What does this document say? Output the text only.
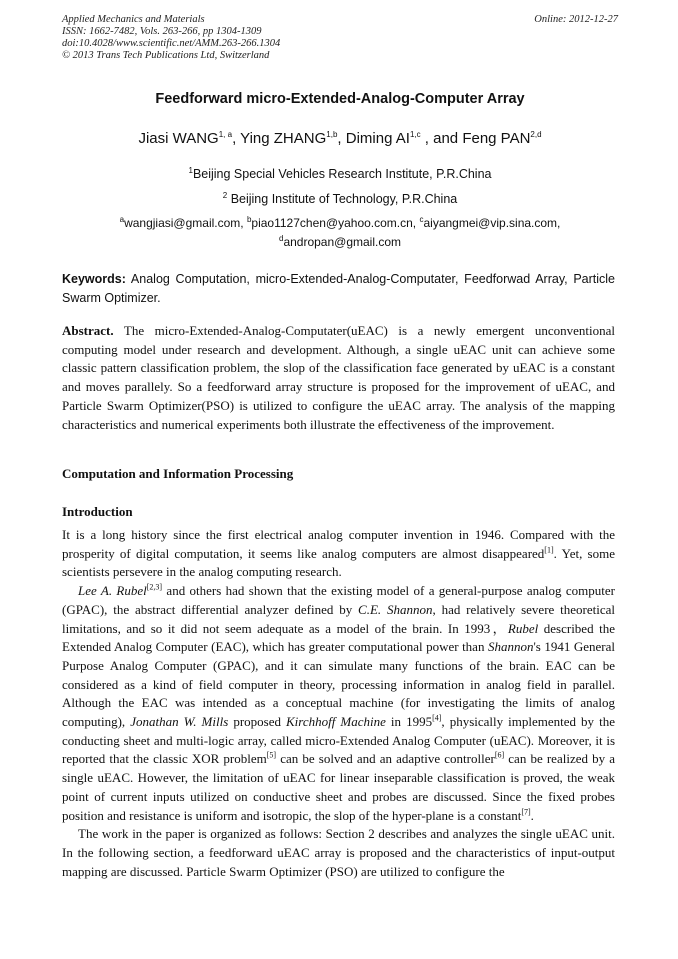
Applied Mechanics and Materials
ISSN: 1662-7482, Vols. 263-266, pp 1304-1309
doi:10.4028/www.scientific.net/AMM.263-266.1304
© 2013 Trans Tech Publications Ltd, Switzerland
Online: 2012-12-27
Feedforward micro-Extended-Analog-Computer Array
Jiasi WANG$^{1, a}$, Ying ZHANG$^{1,b}$, Diming AI$^{1,c}$ , and Feng PAN$^{2,d}$
$^1$Beijing Special Vehicles Research Institute, P.R.China
$^2$ Beijing Institute of Technology, P.R.China
$^a$wangjiasi@gmail.com, $^b$piao1127chen@yahoo.com.cn, $^c$aiyangmei@vip.sina.com,
$^d$andropan@gmail.com
Keywords: Analog Computation, micro-Extended-Analog-Computater, Feedforwad Array, Particle Swarm Optimizer.
Abstract. The micro-Extended-Analog-Computater(uEAC) is a newly emergent unconventional computing model under research and development. Although, a single uEAC unit can achieve some classic pattern classification problem, the slop of the classification face generated by uEAC is a constant and moves parallely. So a feedforward array structure is proposed for the improvement of uEAC, and Particle Swarm Optimizer(PSO) is utilized to configure the uEAC array. The analysis of the mapping characteristics and numerical experiments both illustrate the effectiveness of the improvement.
Computation and Information Processing
Introduction

It is a long history since the first electrical analog computer invention in 1946. Compared with the prosperity of digital computation, it seems like analog computers are almost disappeared[1]. Yet, some scientists persevere in the analog computing research.

Lee A. Rubel[2,3] and others had shown that the existing model of a general-purpose analog computer (GPAC), the abstract differential analyzer defined by C.E. Shannon, had relatively severe theoretical limitations, and so it did not seem adequate as a model of the brain. In 1993，Rubel described the Extended Analog Computer (EAC), which has greater computational power than Shannon's 1941 General Purpose Analog Computer (GPAC), and it can simulate many functions of the brain. EAC can be considered as a kind of field computer in theory, processing information in analog field in parallel. Although the EAC was intended as a conceptual machine (for investigating the limits of analog computing), Jonathan W. Mills proposed Kirchhoff Machine in 1995[4], physically implemented by the conducting sheet and multi-logic array, called micro-Extended Analog Computer (uEAC). Moreover, it is reported that the classic XOR problem[5] can be solved and an adaptive controller[6] can be realized by a single uEAC. However, the limitation of uEAC for linear inseparable classification is proved, the weak point of current inputs utilized on conductive sheet and probes are discussed. Since the fixed probes position and resistance is uniform and isotropic, the slop of the hyper-plane is a constant[7].

The work in the paper is organized as follows: Section 2 describes and analyzes the single uEAC unit. In the following section, a feedforward uEAC array is proposed and the characteristics of input-output mapping are discussed. Particle Swarm Optimizer (PSO) are utilized to configure the
